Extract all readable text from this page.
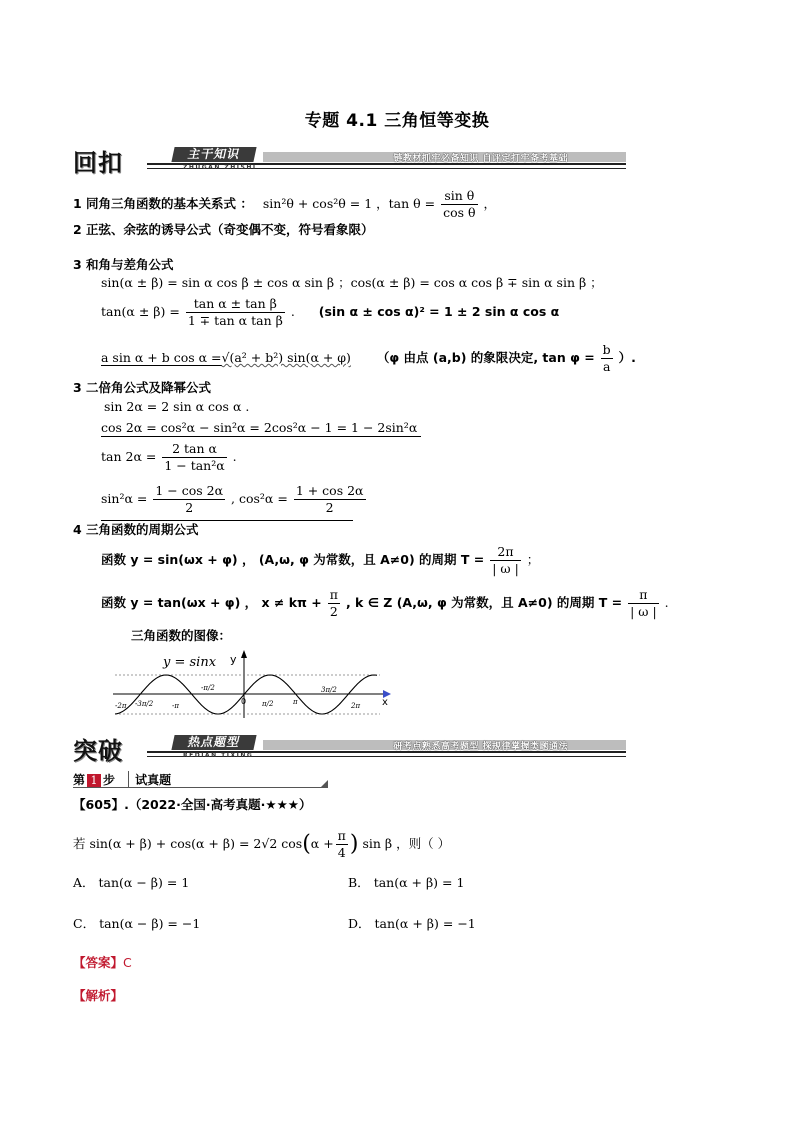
专题 4.1 三角恒等变换
回扣	主干知识
ZHUGAN ZHISHI
链教材抓牢必备知识 自评定打牢备考基础
1 同角三角函数的基本关系式 ： sin²θ + cos²θ = 1 ，$\tan \theta = \frac{\text{sin θ}}{\text{cos θ}}$ ，
2 正弦、余弦的诱导公式（奇变偶不变，符号看象限）
3 和角与差角公式
sin(α ± β) = sin α cos β ± cos α sin β ；cos(α ± β) = cos α cos β ∓ sin α sin β ；
$\tan(\alpha \pm \beta) = \frac{\text{tan α ± tan β}}{\text{1 ∓ tan α tan β}}$ . (sin α ± cos α)² = 1 ± 2 sin α cos α
a sin α + b cos α =√(a² + b²) sin(α + φ) （φ 由点 (a,b) 的象限决定, $\tan \varphi = \frac{b}{a}$ ）.
3 二倍角公式及降幂公式
sin 2α = 2 sin α cos α .
cos 2α = cos²α − sin²α = 2cos²α − 1 = 1 − 2sin²α
$\tan 2\alpha = \frac{\text{2 tan α}}{\text{1 − tan²α}}$ .
$\sin^2\alpha = \frac{1 - \cos 2\alpha}{2}$ , $\cos^2\alpha = \frac{1 + \cos 2\alpha}{2}$
4 三角函数的周期公式
函数 y = sin(ωx + φ) ， (A,ω, φ 为常数，且 A≠0) 的周期 $T = \frac{2\pi}{| \omega |}$ ；
函数 y = tan(ωx + φ) ， $x \ne k\pi + \frac{\pi}{2}$ , k ∈ Z (A,ω, φ 为常数，且 A≠0) 的周期 $T = \frac{\pi}{| \omega |}$ .
三角函数的图像：
y = sinx y
x
0
-2π -3π/2	-π	π/2	π	2π
-π/2	3π/2
突破	热点题型
REDIAN TIXING
研考点熟悉高考题型 探规律掌握类题通法
第 1 步 试真题
【605】.（2022·全国·高考真题·★★★）
若 sin(α + β) + cos(α + β) = 2√2 $\cos(\alpha + \frac{\pi}{4}$ ) sin β ，则（ ）
A． tan(α − β) = 1	B． tan(α + β) = 1
C． tan(α − β) = −1	D． tan(α + β) = −1
【答案】C
【解析】
